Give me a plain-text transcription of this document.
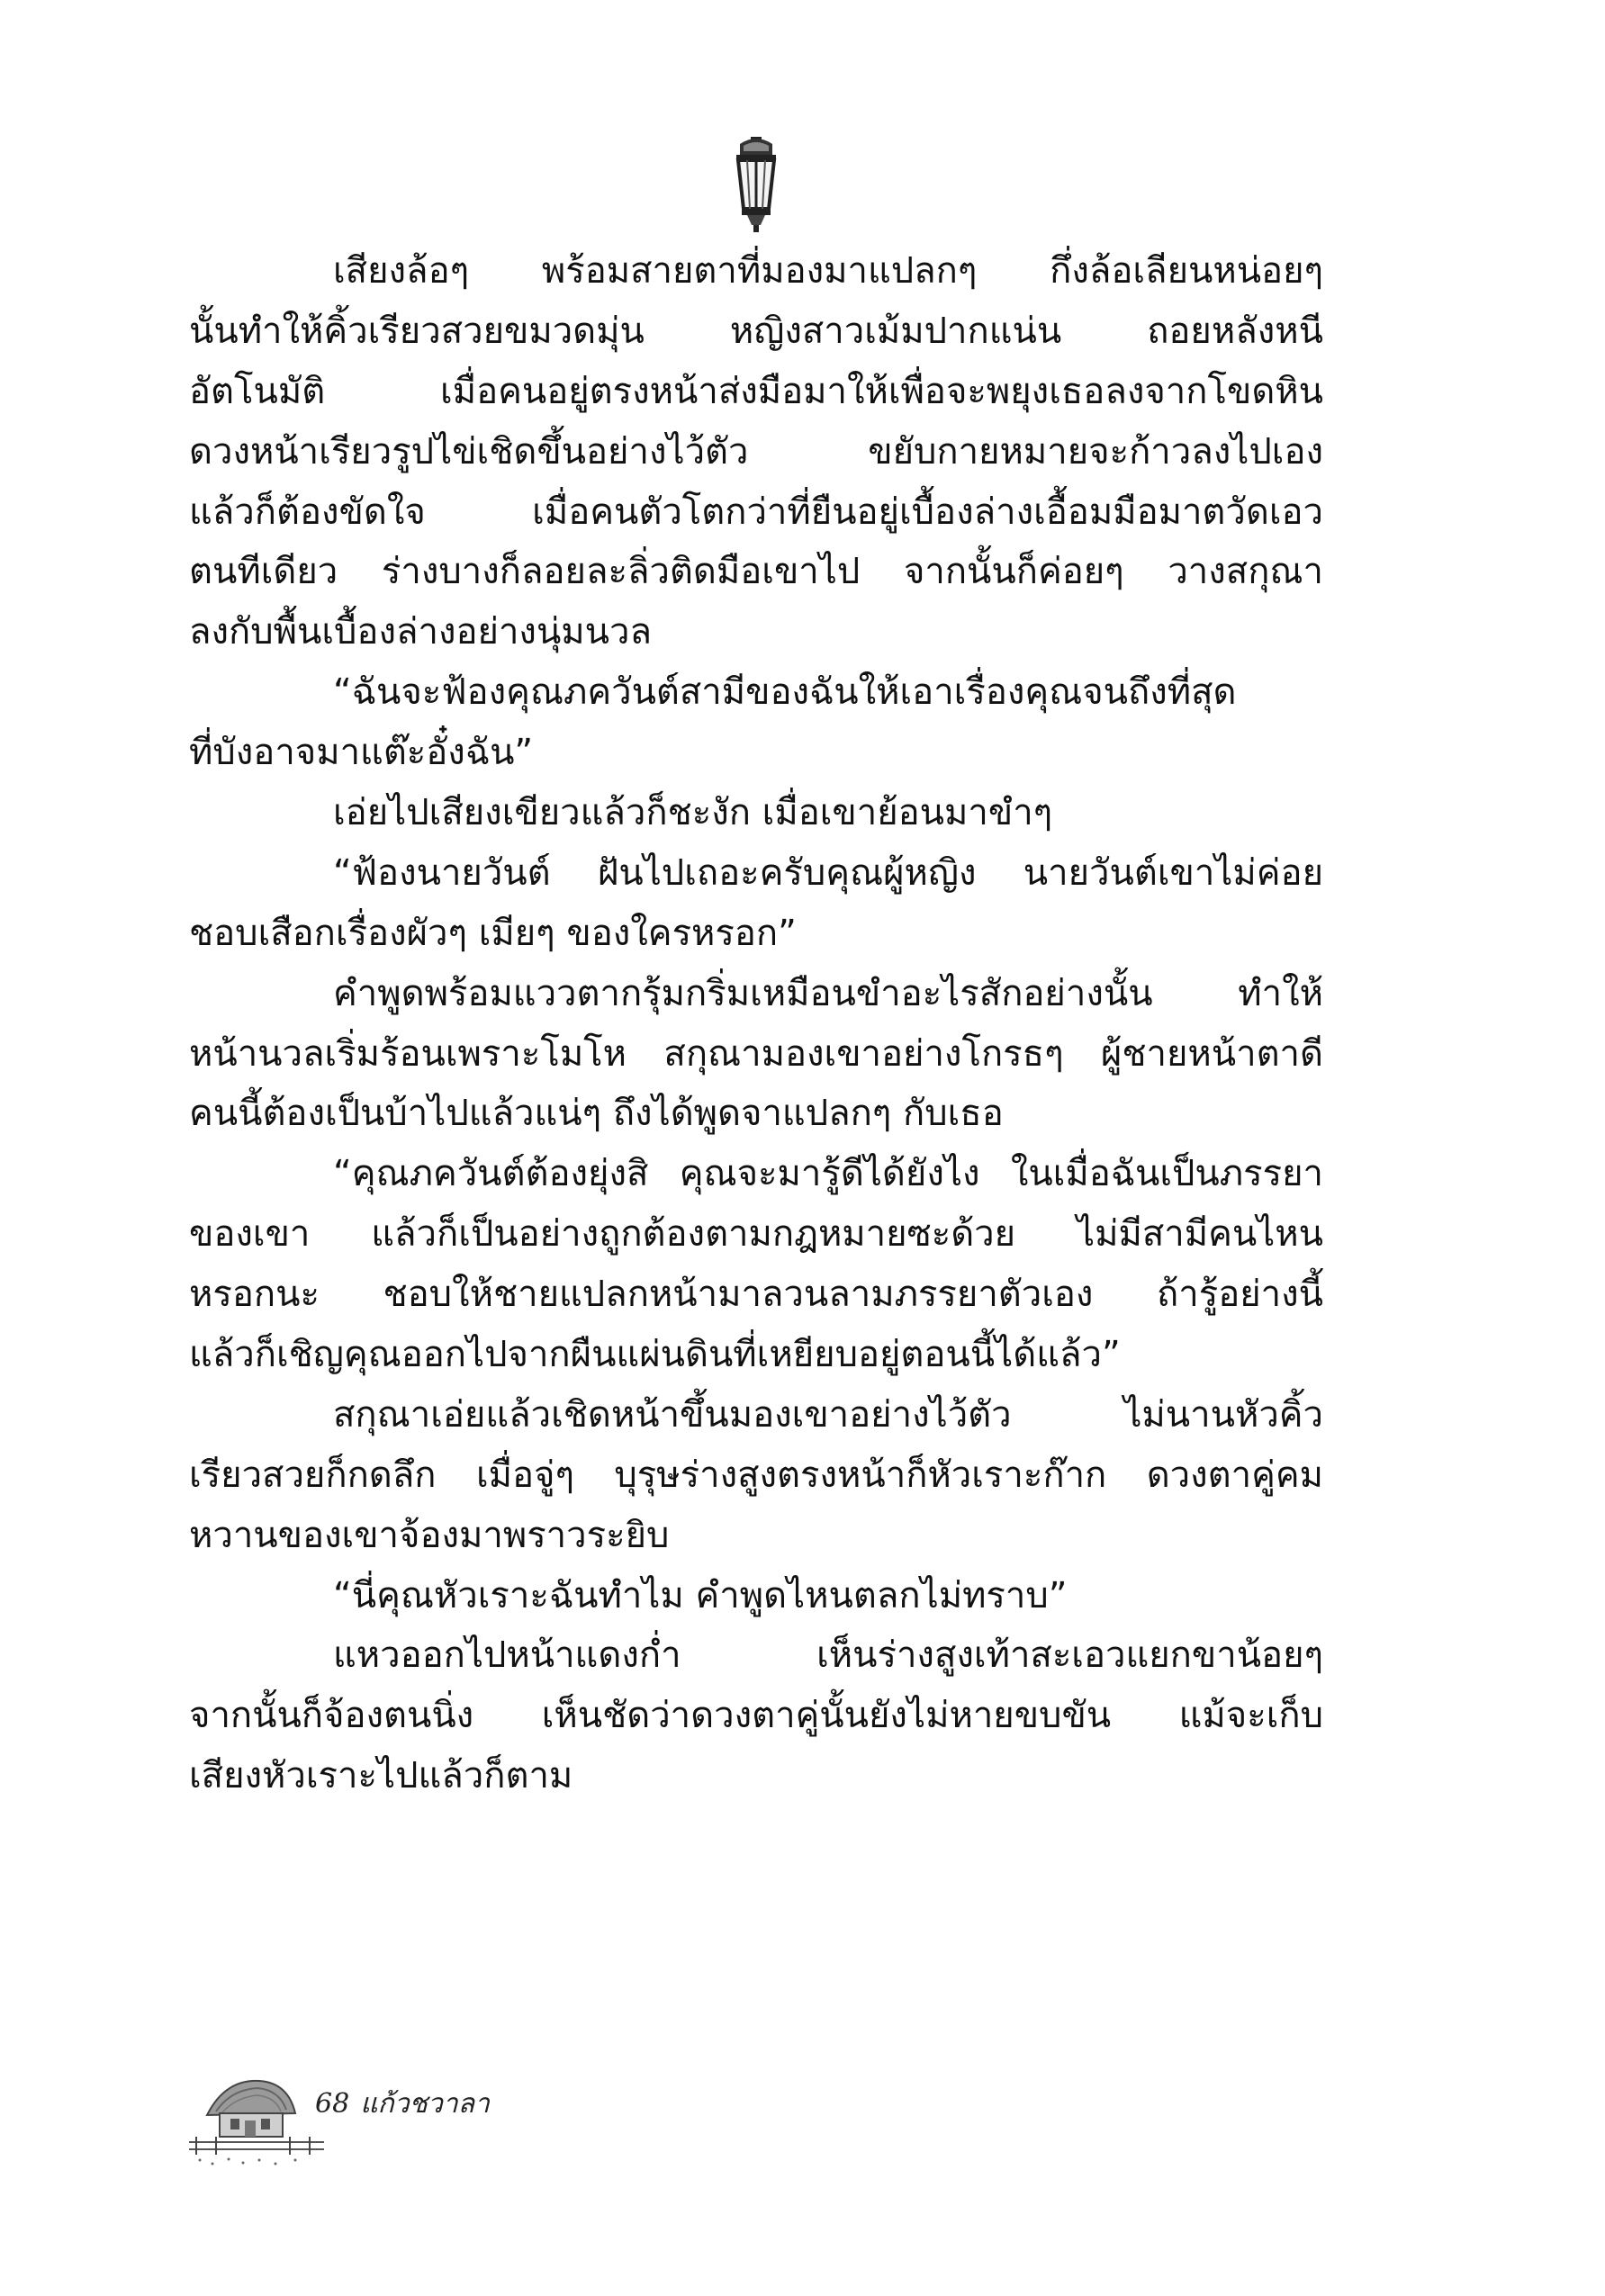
เสียงล้อๆ พร้อมสายตาที่มองมาแปลกๆ กึ่งล้อเลียนหน่อยๆ
นั้นทำให้คิ้วเรียวสวยขมวดมุ่น หญิงสาวเม้มปากแน่น ถอยหลังหนี
อัตโนมัติ เมื่อคนอยู่ตรงหน้าส่งมือมาให้เพื่อจะพยุงเธอลงจากโขดหิน
ดวงหน้าเรียวรูปไข่เชิดขึ้นอย่างไว้ตัว ขยับกายหมายจะก้าวลงไปเอง
แล้วก็ต้องขัดใจ เมื่อคนตัวโตกว่าที่ยืนอยู่เบื้องล่างเอื้อมมือมาตวัดเอว
ตนทีเดียว ร่างบางก็ลอยละลิ่วติดมือเขาไป จากนั้นก็ค่อยๆ วางสกุณา
ลงกับพื้นเบื้องล่างอย่างนุ่มนวล
“ฉันจะฟ้องคุณภควันต์สามีของฉันให้เอาเรื่องคุณจนถึงที่สุด
ที่บังอาจมาแต๊ะอั๋งฉัน”
เอ่ยไปเสียงเขียวแล้วก็ชะงัก เมื่อเขาย้อนมาขำๆ
“ฟ้องนายวันต์ ฝันไปเถอะครับคุณผู้หญิง นายวันต์เขาไม่ค่อย
ชอบเสือกเรื่องผัวๆ เมียๆ ของใครหรอก”
คำพูดพร้อมแววตากรุ้มกริ่มเหมือนขำอะไรสักอย่างนั้น ทำให้
หน้านวลเริ่มร้อนเพราะโมโห สกุณามองเขาอย่างโกรธๆ ผู้ชายหน้าตาดี
คนนี้ต้องเป็นบ้าไปแล้วแน่ๆ ถึงได้พูดจาแปลกๆ กับเธอ
“คุณภควันต์ต้องยุ่งสิ คุณจะมารู้ดีได้ยังไง ในเมื่อฉันเป็นภรรยา
ของเขา แล้วก็เป็นอย่างถูกต้องตามกฎหมายซะด้วย ไม่มีสามีคนไหน
หรอกนะ ชอบให้ชายแปลกหน้ามาลวนลามภรรยาตัวเอง ถ้ารู้อย่างนี้
แล้วก็เชิญคุณออกไปจากผืนแผ่นดินที่เหยียบอยู่ตอนนี้ได้แล้ว”
สกุณาเอ่ยแล้วเชิดหน้าขึ้นมองเขาอย่างไว้ตัว ไม่นานหัวคิ้ว
เรียวสวยก็กดลึก เมื่อจู่ๆ บุรุษร่างสูงตรงหน้าก็หัวเราะก๊าก ดวงตาคู่คม
หวานของเขาจ้องมาพราวระยิบ
“นี่คุณหัวเราะฉันทำไม คำพูดไหนตลกไม่ทราบ”
แหวออกไปหน้าแดงก่ำ เห็นร่างสูงเท้าสะเอวแยกขาน้อยๆ
จากนั้นก็จ้องตนนิ่ง เห็นชัดว่าดวงตาคู่นั้นยังไม่หายขบขัน แม้จะเก็บ
เสียงหัวเราะไปแล้วก็ตาม
68 แก้วชวาลา
